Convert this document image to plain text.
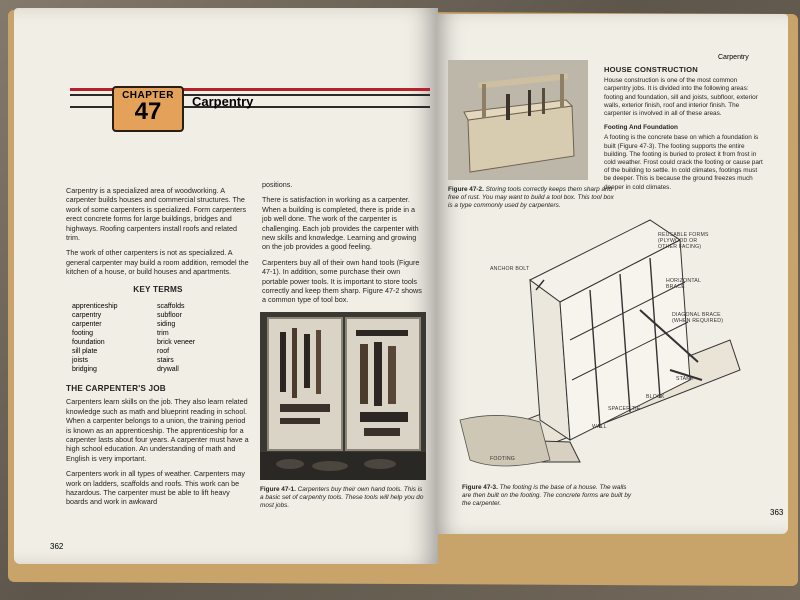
CHAPTER
47	Carpentry

Carpentry is a specialized area of woodworking. A carpenter builds houses and commercial structures. The work of some carpenters is specialized. Form carpenters erect concrete forms for large buildings, bridges and highways. Roofing carpenters install roofs and related trim.

The work of other carpenters is not as specialized. A general carpenter may build a room addition, remodel the kitchen of a house, or build houses and apartments.

KEY TERMS
apprenticeship	scaffolds
carpentry	subfloor
carpenter	siding
footing	trim
foundation	brick veneer
sill plate	roof
joists	stairs
bridging	drywall
THE CARPENTER'S JOB

Carpenters learn skills on the job. They also learn related knowledge such as math and blueprint reading in school. When a carpenter belongs to a union, the training period is known as an apprenticeship. The apprenticeship for a carpenter lasts about four years. A carpenter must have a high school education. An understanding of math and English is very important.

Carpenters work in all types of weather. Carpenters may work on ladders, scaffolds and roofs. This work can be hazardous. The carpenter must be able to lift heavy boards and work in awkward

positions.

There is satisfaction in working as a carpenter. When a building is completed, there is pride in a job well done. The work of the carpenter is challenging. Each job provides the carpenter with new skills and knowledge. Learning and growing on the job provides a good feeling.

Carpenters buy all of their own hand tools (Figure 47-1). In addition, some purchase their own portable power tools. It is important to store tools correctly and keep them sharp. Figure 47-2 shows a common type of tool box.

Figure 47-1. Carpenters buy their own hand tools. This is a basic set of carpentry tools. These tools will help you do most jobs.
362
Carpentry
Figure 47-2. Storing tools correctly keeps them sharp and free of rust. You may want to build a tool box. This tool box is a type commonly used by carpenters.
HOUSE CONSTRUCTION

House construction is one of the most common carpentry jobs. It is divided into the following areas: footing and foundation, sill and joists, subfloor, exterior walls, exterior finish, roof and interior finish. The carpenter is involved in all of these areas.

Footing And Foundation

A footing is the concrete base on which a foundation is built (Figure 47-3). The footing supports the entire building. The footing is buried to protect it from frost in cold weather. Frost could crack the footing or cause part of the building to settle. In cold climates, footings must be deeper. This is because the ground freezes much deeper in cold climates.

REUSABLE FORMS
(PLYWOOD OR
OTHER FACING)
ANCHOR BOLT
HORIZONTAL
BRACE
DIAGONAL BRACE
(WHEN REQUIRED)
STAKE
BLOCK
SPACER TIE
WALL
FOOTING
Figure 47-3. The footing is the base of a house. The walls are then built on the footing. The concrete forms are built by the carpenter.
363
